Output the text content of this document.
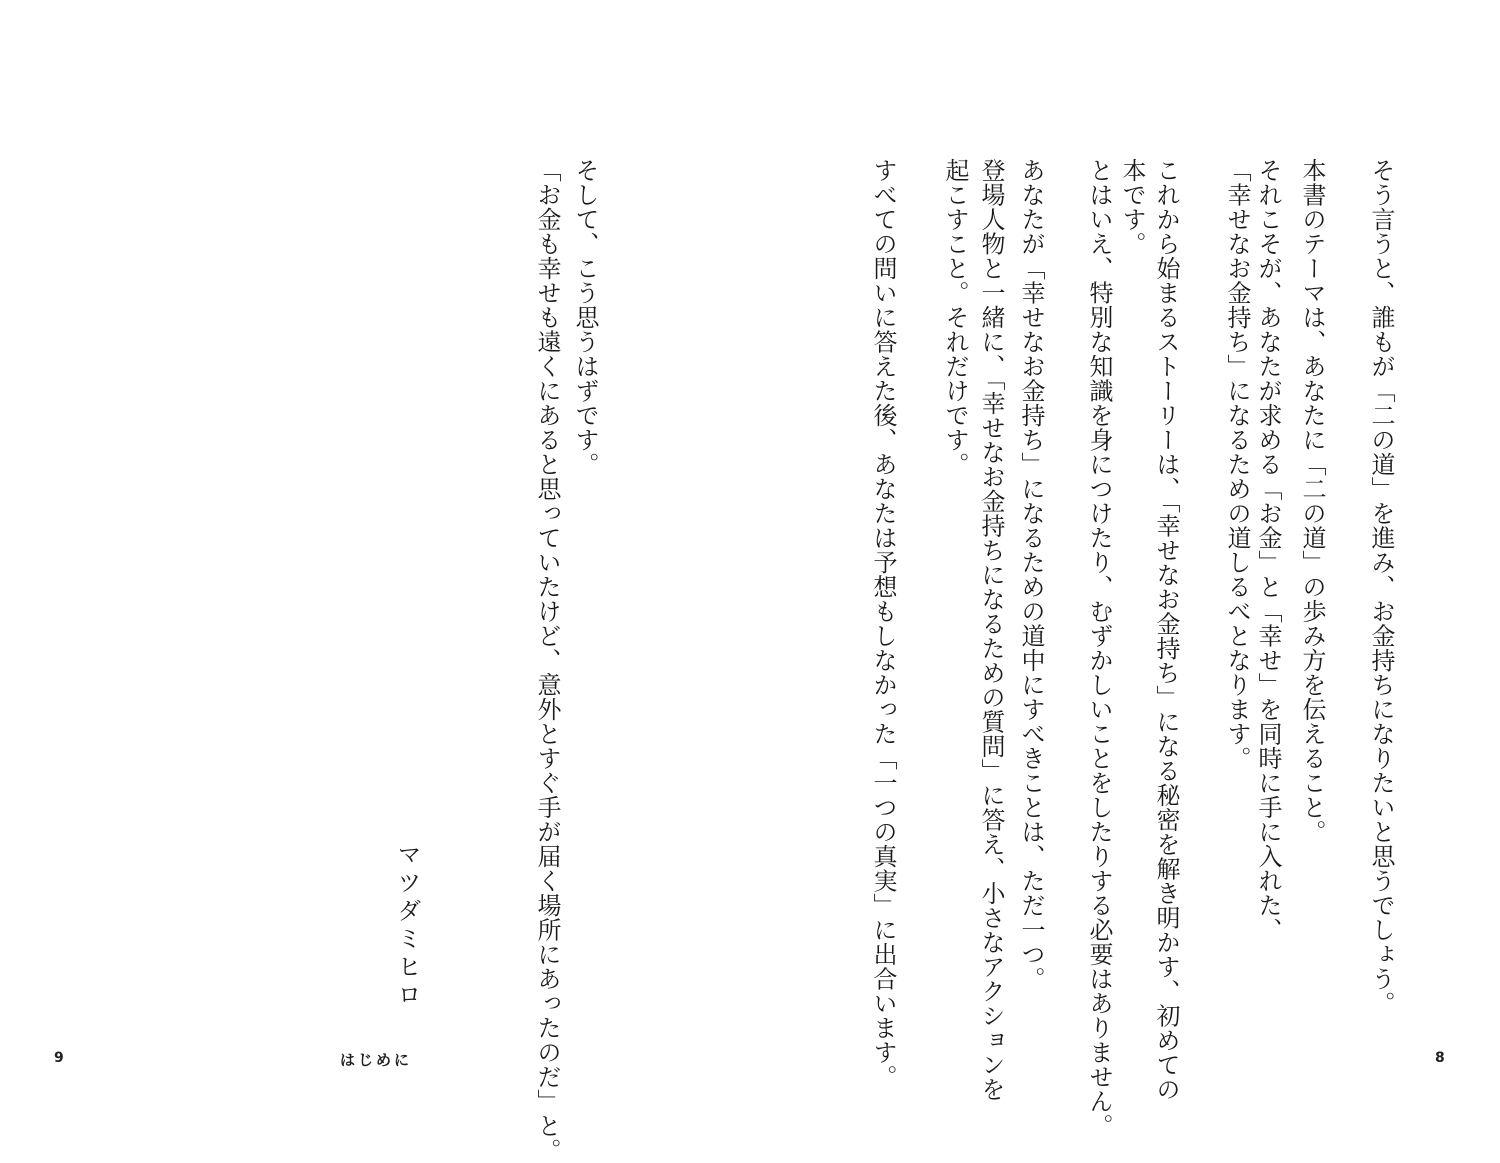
そう言うと、誰もが「二の道」を進み、お金持ちになりたいと思うでしょう。
本書のテーマは、あなたに「二の道」の歩み方を伝えること。
それこそが、あなたが求める「お金」と「幸せ」を同時に手に入れた、
「幸せなお金持ち」になるための道しるべとなります。
これから始まるストーリーは、「幸せなお金持ち」になる秘密を解き明かす、初めての
本です。
とはいえ、特別な知識を身につけたり、むずかしいことをしたりする必要はありません。
あなたが「幸せなお金持ち」になるための道中にすべきことは、ただ一つ。
登場人物と一緒に、「幸せなお金持ちになるための質問」に答え、小さなアクションを
起こすこと。それだけです。
すべての問いに答えた後、あなたは予想もしなかった「一つの真実」に出合います。
そして、こう思うはずです。
「お金も幸せも遠くにあると思っていたけど、意外とすぐ手が届く場所にあったのだ」と。
マツダミヒロ
9	はじめに	8
